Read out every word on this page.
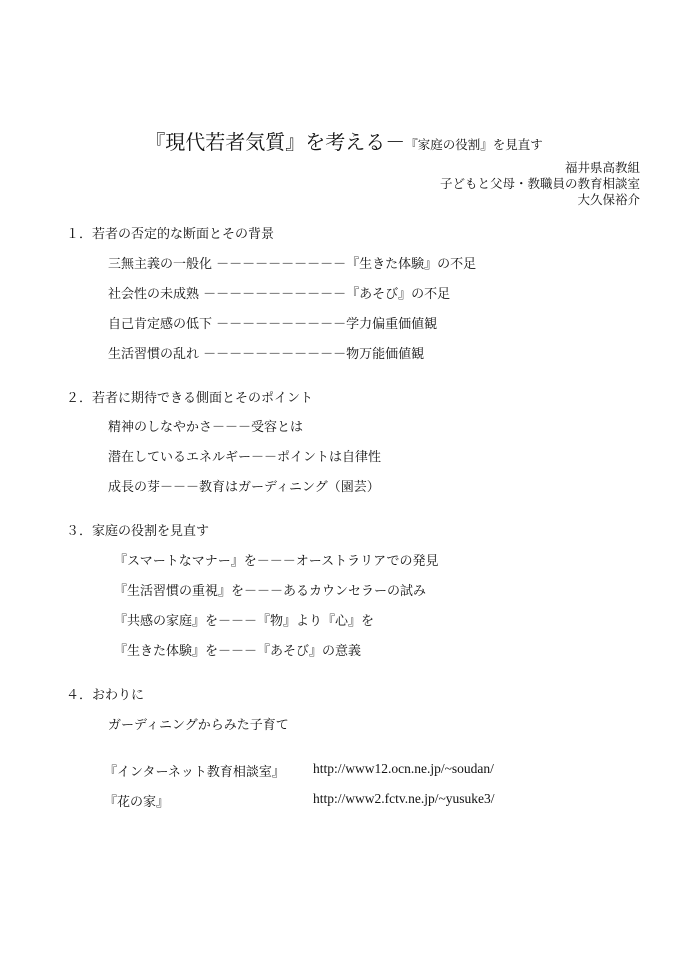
『現代若者気質』を考える－『家庭の役割』を見直す
福井県高教組
子どもと父母・教職員の教育相談室
大久保裕介
１．若者の否定的な断面とその背景
三無主義の一般化 －－－－－－－－－－『生きた体験』の不足
社会性の未成熟 －－－－－－－－－－－『あそび』の不足
自己肯定感の低下 －－－－－－－－－－学力偏重価値観
生活習慣の乱れ －－－－－－－－－－－物万能価値観
２．若者に期待できる側面とそのポイント
精神のしなやかさ－－－受容とは
潜在しているエネルギー－－ポイントは自律性
成長の芽－－－教育はガーディニング（園芸）
３．家庭の役割を見直す
『スマートなマナー』を－－－オーストラリアでの発見
『生活習慣の重視』を－－－あるカウンセラーの試み
『共感の家庭』を－－－『物』より『心』を
『生きた体験』を－－－『あそび』の意義
４．おわりに
ガーディニングからみた子育て
『インターネット教育相談室』 http://www12.ocn.ne.jp/~soudan/
『花の家』	http://www2.fctv.ne.jp/~yusuke3/
